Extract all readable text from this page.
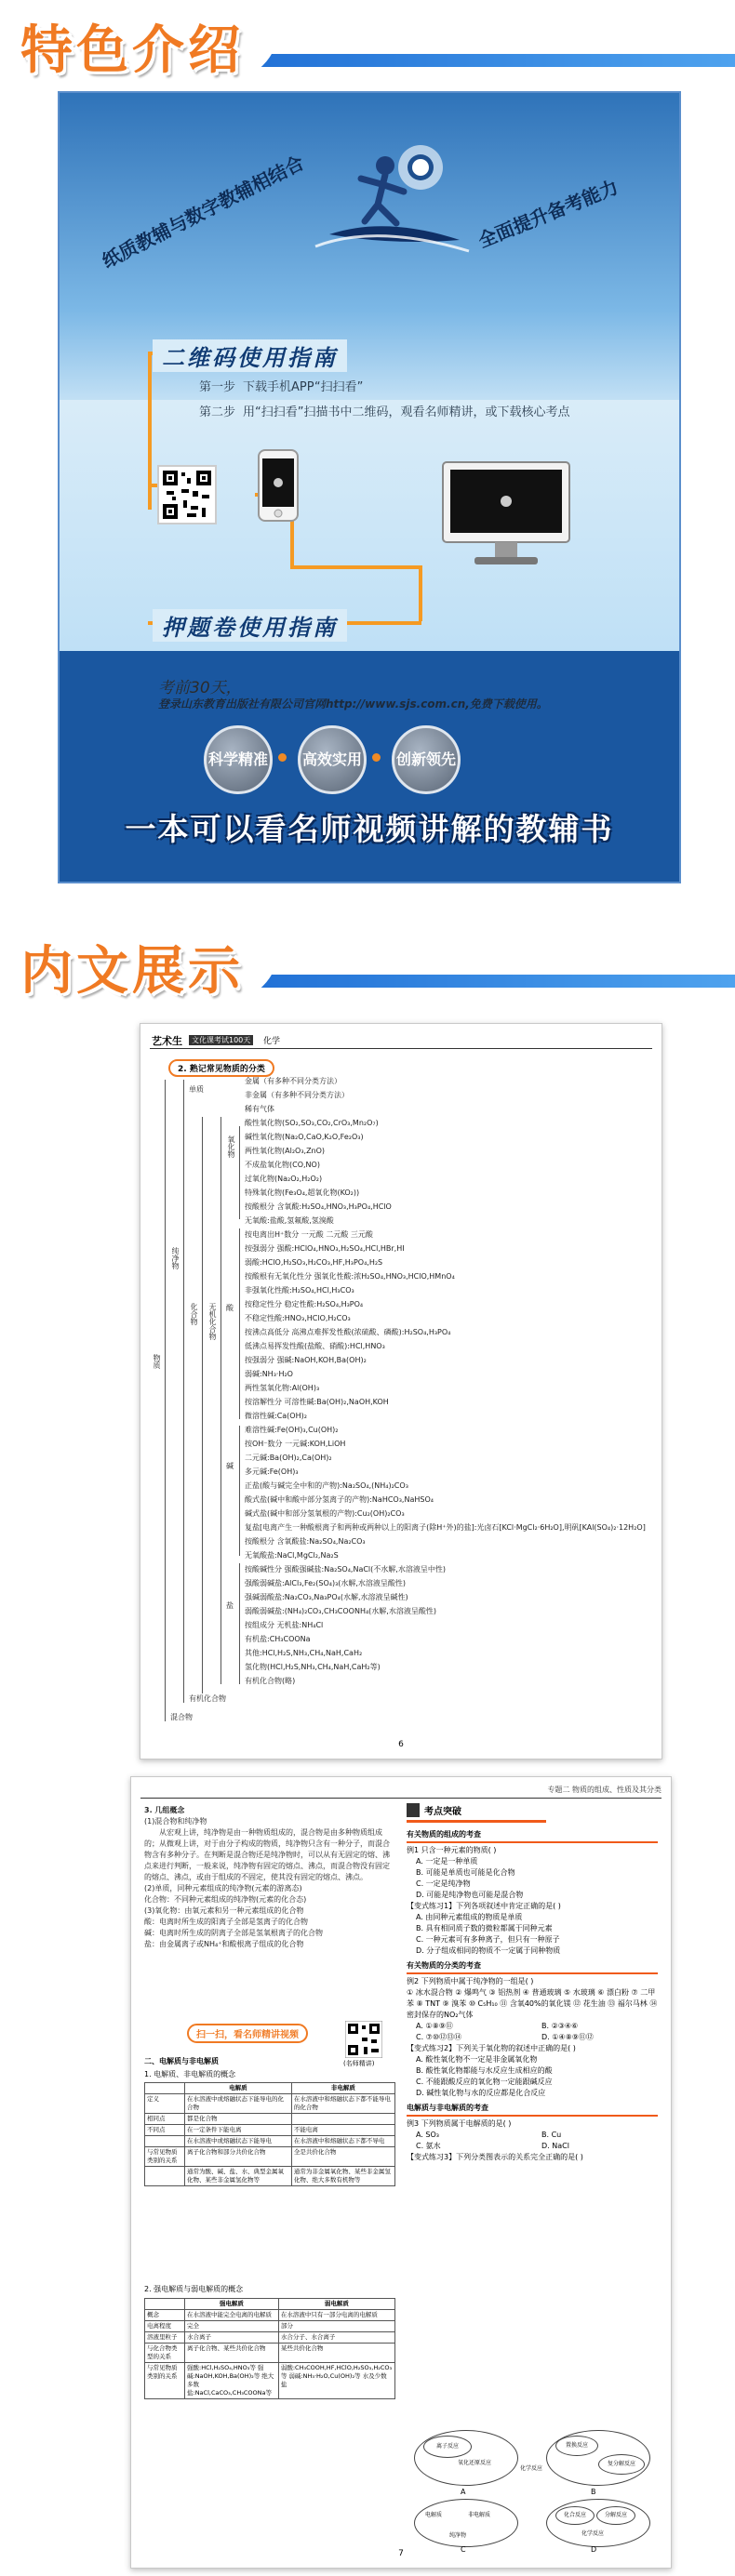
特色介绍
纸质教辅与数字教辅相结合	全面提升备考能力
二维码使用指南
第一步 下载手机APP“扫扫看”
第二步 用“扫扫看”扫描书中二维码，观看名师精讲，或下载核心考点
押题卷使用指南
考前30天，
登录山东教育出版社有限公司官网http://www.sjs.com.cn,免费下载使用。
科学精准	高效实用	创新领先
一本可以看名师视频讲解的教辅书
内文展示
艺术生	文化课考试100天	化学
2. 熟记常见物质的分类
物质
纯净物
混合物
单质
化合物 无机化合物
有机化合物
氧化物
酸
碱
盐
金属（有多种不同分类方法）
非金属（有多种不同分类方法）
稀有气体
酸性氧化物(SO₂,SO₃,CO₂,CrO₃,Mn₂O₇)
碱性氧化物(Na₂O,CaO,K₂O,Fe₂O₃)
两性氧化物(Al₂O₃,ZnO)
不成盐氧化物(CO,NO)
过氧化物(Na₂O₂,H₂O₂)
特殊氧化物(Fe₃O₄,超氧化物(KO₂))
按酸根分 含氧酸:H₂SO₄,HNO₃,H₃PO₄,HClO
无氧酸:盐酸,氢氟酸,氢溴酸
按电离出H⁺数分 一元酸 二元酸 三元酸
按强弱分 强酸:HClO₄,HNO₃,H₂SO₄,HCl,HBr,HI
弱酸:HClO,H₂SO₃,H₂CO₃,HF,H₃PO₄,H₂S
按酸根有无氧化性分 强氧化性酸:浓H₂SO₄,HNO₃,HClO,HMnO₄
非强氧化性酸:H₂SO₄,HCl,H₃CO₃
按稳定性分 稳定性酸:H₂SO₄,H₃PO₄
不稳定性酸:HNO₃,HClO,H₂CO₃
按沸点高低分 高沸点难挥发性酸(浓硫酸、磷酸):H₂SO₄,H₃PO₄
低沸点易挥发性酸(盐酸、硝酸):HCl,HNO₃
按强弱分 强碱:NaOH,KOH,Ba(OH)₂
弱碱:NH₃·H₂O
两性氢氧化物:Al(OH)₃
按溶解性分 可溶性碱:Ba(OH)₂,NaOH,KOH
微溶性碱:Ca(OH)₂
难溶性碱:Fe(OH)₃,Cu(OH)₂
按OH⁻数分 一元碱:KOH,LiOH
二元碱:Ba(OH)₂,Ca(OH)₂
多元碱:Fe(OH)₃
正盐(酸与碱完全中和的产物):Na₂SO₄,(NH₄)₂CO₃
酸式盐(碱中和酸中部分氢离子的产物):NaHCO₃,NaHSO₄
碱式盐(碱中和部分氢氧根的产物):Cu₂(OH)₂CO₃
复盐[电离产生一种酸根离子和两种或两种以上的阳离子(除H⁺外)的盐]:光卤石[KCl·MgCl₂·6H₂O],明矾[KAl(SO₄)₂·12H₂O]
按酸根分 含氧酸盐:Na₂SO₄,Na₂CO₃
无氧酸盐:NaCl,MgCl₂,Na₂S
按酸碱性分 强酸强碱盐:Na₂SO₄,NaCl(不水解,水溶液呈中性)
强酸弱碱盐:AlCl₃,Fe₂(SO₄)₃(水解,水溶液呈酸性)
强碱弱酸盐:Na₂CO₃,Na₃PO₄(水解,水溶液呈碱性)
弱酸弱碱盐:(NH₄)₂CO₃,CH₃COONH₄(水解,水溶液呈酸性)
按组成分 无机盐:NH₄Cl
有机盐:CH₃COONa
其他:HCl,H₂S,NH₃,CH₄,NaH,CaH₂
氢化物(HCl,H₂S,NH₃,CH₄,NaH,CaH₂等)
有机化合物(略)
6
专题二 物质的组成、性质及其分类
3. 几组概念
(1)混合物和纯净物
从宏观上讲，纯净物是由一种物质组成的，混合物是由多种物质组成的；从微观上讲，对于由分子构成的物质，纯净物只含有一种分子，而混合物含有多种分子。在判断是混合物还是纯净物时，可以从有无固定的熔、沸点来进行判断，一般来说，纯净物有固定的熔点、沸点，而混合物没有固定的熔点、沸点，或由于组成的不固定，使其没有固定的熔点、沸点。
(2)单质，同种元素组成的纯净物(元素的游离态)
化合物：不同种元素组成的纯净物(元素的化合态)
(3)氧化物：由氧元素和另一种元素组成的化合物
酸：电离时所生成的阳离子全部是氢离子的化合物
碱：电离时所生成的阴离子全部是氢氧根离子的化合物
盐：由金属离子或NH₄⁺和酸根离子组成的化合物
扫一扫，看名师精讲视频
(名师精讲)
二、电解质与非电解质
1. 电解质、非电解质的概念
	电解质	非电解质
定义	在水溶液中或熔融状态下能导电的化合物	在水溶液中和熔融状态下都不能导电的化合物
相同点	都是化合物	
不同点	在一定条件下能电离	不能电离
	在水溶液中或熔融状态下能导电	在水溶液中和熔融状态下都不导电
与常见物质类别的关系	离子化合物和部分共价化合物	全是共价化合物
	通常为酸、碱、盐、水、典型金属氧化物、某些非金属氢化物等	通常为非金属氧化物、某些非金属氢化物、绝大多数有机物等
2. 强电解质与弱电解质的概念
	强电解质	弱电解质
概念	在水溶液中能完全电离的电解质	在水溶液中只有一部分电离的电解质
电离程度	完全	部分
溶液里粒子	水合离子	水合分子、水合离子
与化合物类型的关系	离子化合物、某些共价化合物	某些共价化合物
与常见物质类别的关系	强酸:HCl,H₂SO₄,HNO₃等 强碱:NaOH,KOH,Ba(OH)₂等 绝大多数盐:NaCl,CaCO₃,CH₃COONa等	弱酸:CH₃COOH,HF,HClO,H₂SO₃,H₂CO₃等 弱碱:NH₃·H₂O,Cu(OH)₂等 水及少数盐
7
考点突破
有关物质的组成的考查
例1 只含一种元素的物质( )
A. 一定是一种单质
B. 可能是单质也可能是化合物
C. 一定是纯净物
D. 可能是纯净物也可能是混合物
【变式练习1】下列各项叙述中肯定正确的是( )
A. 由同种元素组成的物质是单质
B. 具有相同质子数的微粒都属于同种元素
C. 一种元素可有多种离子，但只有一种原子
D. 分子组成相同的物质不一定属于同种物质
有关物质的分类的考查
例2 下列物质中属于纯净物的一组是( )
① 冰水混合物 ② 爆鸣气 ③ 铝热剂 ④ 普通玻璃 ⑤ 水玻璃 ⑥ 漂白粉 ⑦ 二甲苯 ⑧ TNT ⑨ 溴苯 ⑩ C₅H₁₀ ⑪ 含氧40%的氧化镁 ⑫ 花生油 ⑬ 福尔马林 ⑭ 密封保存的NO₂气体
A. ①⑧⑨⑪	B. ②③④⑥
C. ⑦⑩⑫⑬⑭	D. ①④⑧⑨⑪⑫
【变式练习2】下列关于氧化物的叙述中正确的是( )
A. 酸性氧化物不一定是非金属氧化物
B. 酸性氧化物都能与水反应生成相应的酸
C. 不能跟酸反应的氧化物一定能跟碱反应
D. 碱性氧化物与水的反应都是化合反应
电解质与非电解质的考查
例3 下列物质属于电解质的是( )
A. SO₃	B. Cu
C. 氨水	D. NaCl
【变式练习3】下列分类图表示的关系完全正确的是( )
离子反应
氧化还原反应
A
置换反应
复分解反应
B
电解质	非电解质
纯净物
C
化合反应	分解反应
化学反应
D
化学反应
